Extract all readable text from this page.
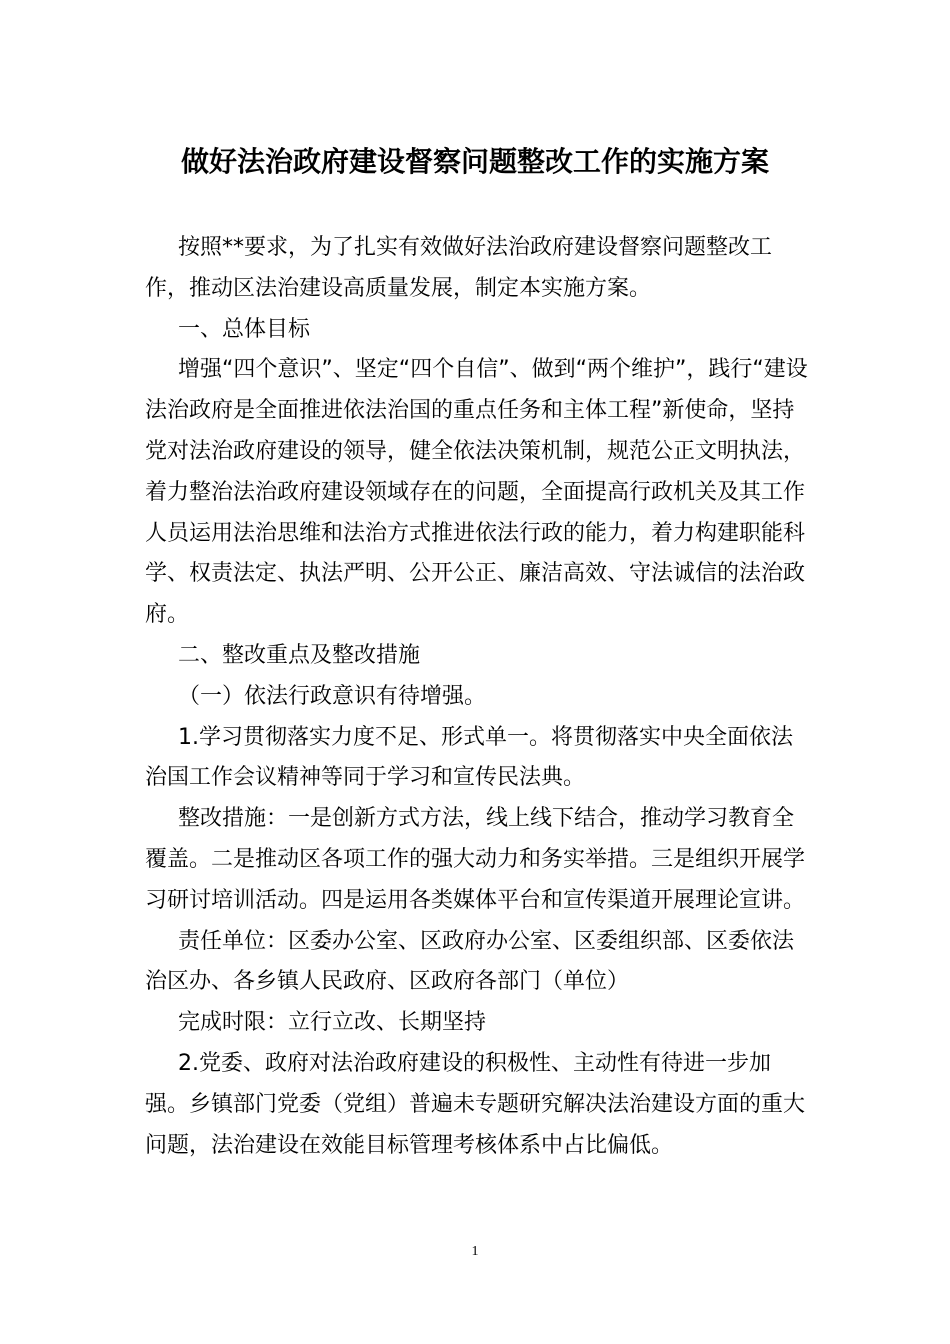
做好法治政府建设督察问题整改工作的实施方案

按照**要求，为了扎实有效做好法治政府建设督察问题整改工作，推动区法治建设高质量发展，制定本实施方案。

一、总体目标

增强“四个意识”、坚定“四个自信”、做到“两个维护”，践行“建设法治政府是全面推进依法治国的重点任务和主体工程”新使命，坚持党对法治政府建设的领导，健全依法决策机制，规范公正文明执法，着力整治法治政府建设领域存在的问题，全面提高行政机关及其工作人员运用法治思维和法治方式推进依法行政的能力，着力构建职能科学、权责法定、执法严明、公开公正、廉洁高效、守法诚信的法治政府。

二、整改重点及整改措施

（一）依法行政意识有待增强。

1.学习贯彻落实力度不足、形式单一。将贯彻落实中央全面依法治国工作会议精神等同于学习和宣传民法典。

整改措施：一是创新方式方法，线上线下结合，推动学习教育全覆盖。二是推动区各项工作的强大动力和务实举措。三是组织开展学习研讨培训活动。四是运用各类媒体平台和宣传渠道开展理论宣讲。

责任单位：区委办公室、区政府办公室、区委组织部、区委依法治区办、各乡镇人民政府、区政府各部门（单位）

完成时限：立行立改、长期坚持

2.党委、政府对法治政府建设的积极性、主动性有待进一步加强。乡镇部门党委（党组）普遍未专题研究解决法治建设方面的重大问题，法治建设在效能目标管理考核体系中占比偏低。

1
